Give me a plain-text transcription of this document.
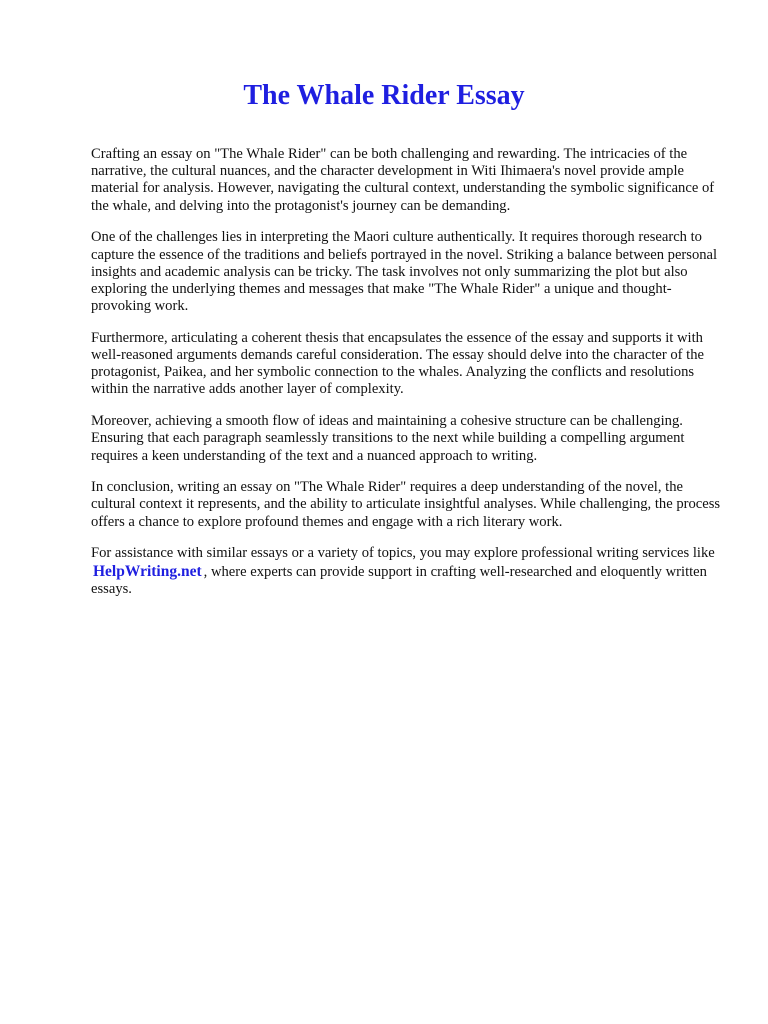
The Whale Rider Essay

Crafting an essay on "The Whale Rider" can be both challenging and rewarding. The intricacies of the narrative, the cultural nuances, and the character development in Witi Ihimaera's novel provide ample material for analysis. However, navigating the cultural context, understanding the symbolic significance of the whale, and delving into the protagonist's journey can be demanding.

One of the challenges lies in interpreting the Maori culture authentically. It requires thorough research to capture the essence of the traditions and beliefs portrayed in the novel. Striking a balance between personal insights and academic analysis can be tricky. The task involves not only summarizing the plot but also exploring the underlying themes and messages that make "The Whale Rider" a unique and thought-provoking work.

Furthermore, articulating a coherent thesis that encapsulates the essence of the essay and supports it with well-reasoned arguments demands careful consideration. The essay should delve into the character of the protagonist, Paikea, and her symbolic connection to the whales. Analyzing the conflicts and resolutions within the narrative adds another layer of complexity.

Moreover, achieving a smooth flow of ideas and maintaining a cohesive structure can be challenging. Ensuring that each paragraph seamlessly transitions to the next while building a compelling argument requires a keen understanding of the text and a nuanced approach to writing.

In conclusion, writing an essay on "The Whale Rider" requires a deep understanding of the novel, the cultural context it represents, and the ability to articulate insightful analyses. While challenging, the process offers a chance to explore profound themes and engage with a rich literary work.

For assistance with similar essays or a variety of topics, you may explore professional writing services like HelpWriting.net , where experts can provide support in crafting well-researched and eloquently written essays.
